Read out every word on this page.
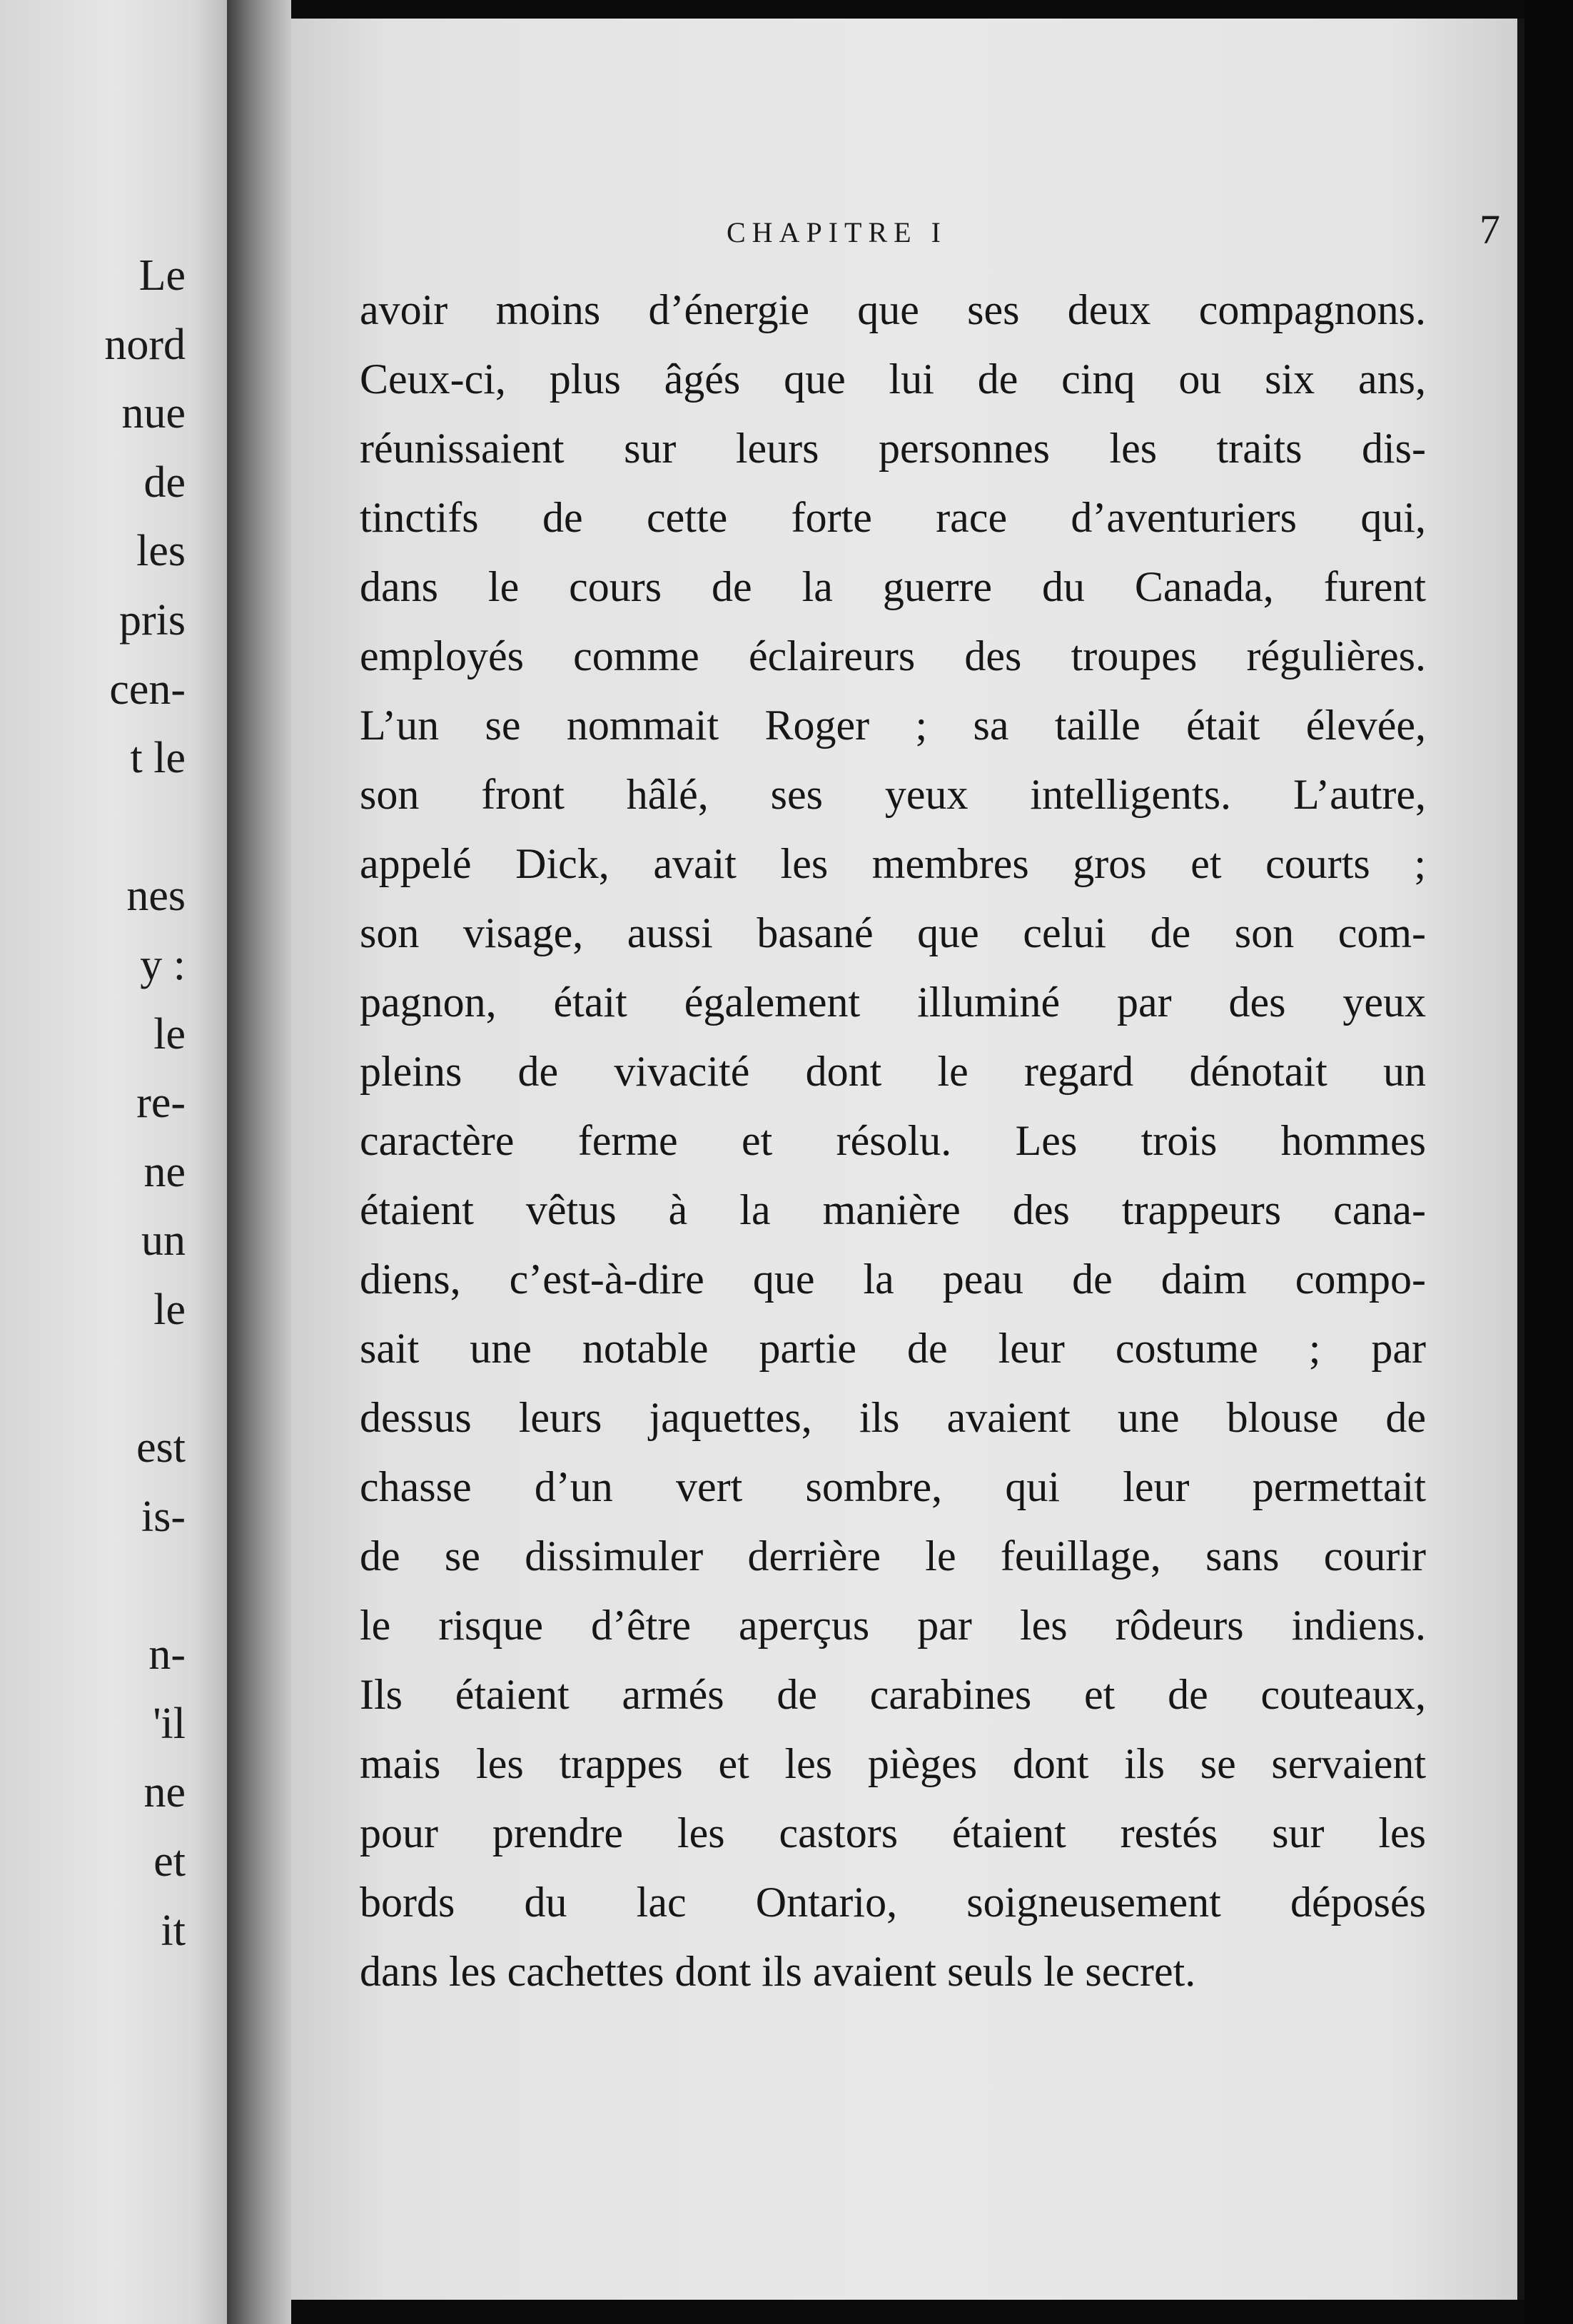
Le
nord
nue
de
les
pris
cen-
t le
nes
y :
le
re-
ne
un
le
est
is-
n-
'il
ne
et
it
CHAPITRE I	7
avoir moins d’énergie que ses deux compagnons.
Ceux-ci, plus âgés que lui de cinq ou six ans,
réunissaient sur leurs personnes les traits dis-
tinctifs de cette forte race d’aventuriers qui,
dans le cours de la guerre du Canada, furent
employés comme éclaireurs des troupes régulières.
L’un se nommait Roger ; sa taille était élevée,
son front hâlé, ses yeux intelligents. L’autre,
appelé Dick, avait les membres gros et courts ;
son visage, aussi basané que celui de son com-
pagnon, était également illuminé par des yeux
pleins de vivacité dont le regard dénotait un
caractère ferme et résolu. Les trois hommes
étaient vêtus à la manière des trappeurs cana-
diens, c’est-à-dire que la peau de daim compo-
sait une notable partie de leur costume ; par
dessus leurs jaquettes, ils avaient une blouse de
chasse d’un vert sombre, qui leur permettait
de se dissimuler derrière le feuillage, sans courir
le risque d’être aperçus par les rôdeurs indiens.
Ils étaient armés de carabines et de couteaux,
mais les trappes et les pièges dont ils se servaient
pour prendre les castors étaient restés sur les
bords du lac Ontario, soigneusement déposés
dans les cachettes dont ils avaient seuls le secret.
